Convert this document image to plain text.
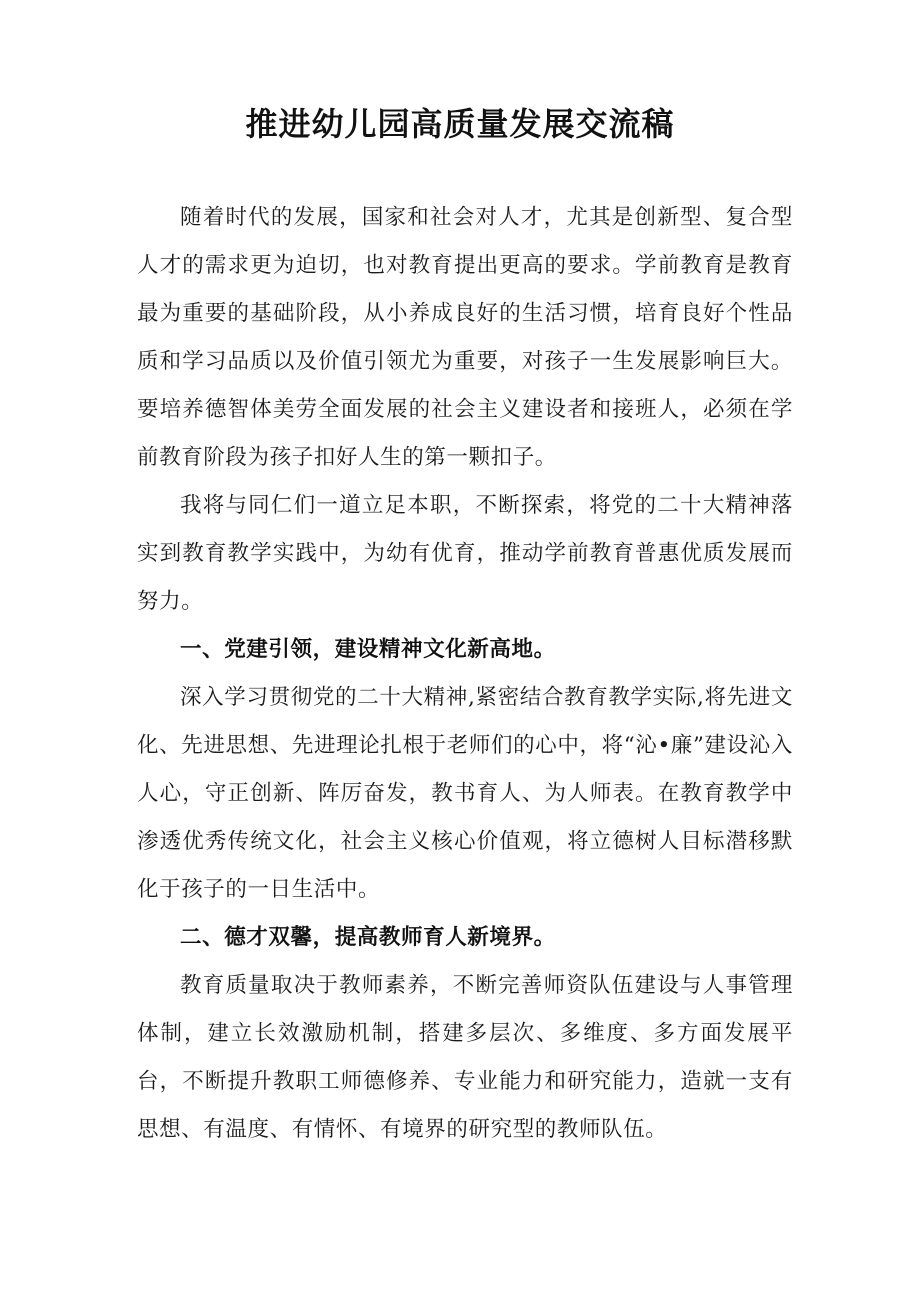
推进幼儿园高质量发展交流稿

随着时代的发展，国家和社会对人才，尤其是创新型、复合型人才的需求更为迫切，也对教育提出更高的要求。学前教育是教育最为重要的基础阶段，从小养成良好的生活习惯，培育良好个性品质和学习品质以及价值引领尤为重要，对孩子一生发展影响巨大。要培养德智体美劳全面发展的社会主义建设者和接班人，必须在学前教育阶段为孩子扣好人生的第一颗扣子。

我将与同仁们一道立足本职，不断探索，将党的二十大精神落实到教育教学实践中，为幼有优育，推动学前教育普惠优质发展而努力。

一、党建引领，建设精神文化新高地。

深入学习贯彻党的二十大精神,紧密结合教育教学实际,将先进文化、先进思想、先进理论扎根于老师们的心中，将“沁•廉”建设沁入人心，守正创新、阵厉奋发，教书育人、为人师表。在教育教学中渗透优秀传统文化，社会主义核心价值观，将立德树人目标潜移默化于孩子的一日生活中。

二、德才双馨，提高教师育人新境界。

教育质量取决于教师素养，不断完善师资队伍建设与人事管理体制，建立长效激励机制，搭建多层次、多维度、多方面发展平台，不断提升教职工师德修养、专业能力和研究能力，造就一支有思想、有温度、有情怀、有境界的研究型的教师队伍。
